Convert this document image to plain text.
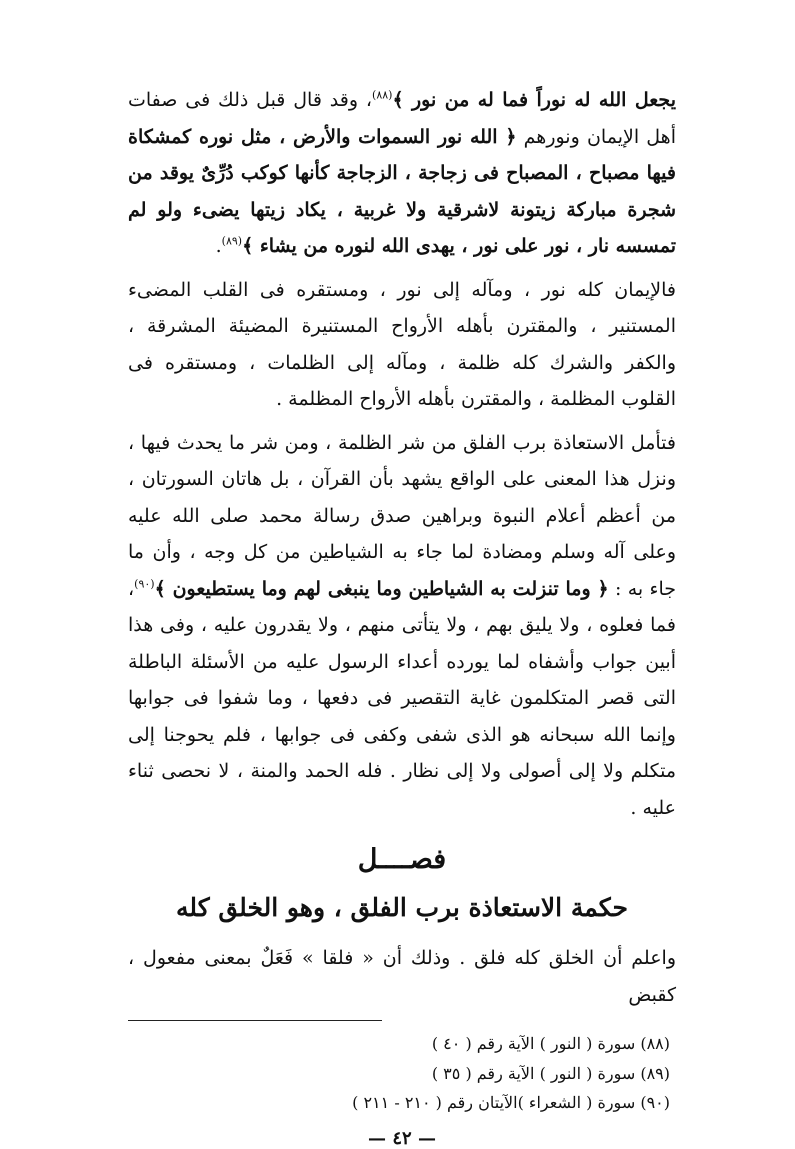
يجعل الله له نوراً فما له من نور ﴾$^{(٨٨)}$، وقد قال قبل ذلك فى صفات أهل الإيمان ونورهم ﴿ الله نور السموات والأرض ، مثل نوره كمشكاة فيها مصباح ، المصباح فى زجاجة ، الزجاجة كأنها كوكب دُرِّىٌ يوقد من شجرة مباركة زيتونة لاشرقية ولا غربية ، يكاد زيتها يضىء ولو لم تمسسه نار ، نور على نور ، يهدى الله لنوره من يشاء ﴾$^{(٨٩)}$.

فالإيمان كله نور ، ومآله إلى نور ، ومستقره فى القلب المضىء المستنير ، والمقترن بأهله الأرواح المستنيرة المضيئة المشرقة ، والكفر والشرك كله ظلمة ، ومآله إلى الظلمات ، ومستقره فى القلوب المظلمة ، والمقترن بأهله الأرواح المظلمة .

فتأمل الاستعاذة برب الفلق من شر الظلمة ، ومن شر ما يحدث فيها ، ونزل هذا المعنى على الواقع يشهد بأن القرآن ، بل هاتان السورتان ، من أعظم أعلام النبوة وبراهين صدق رسالة محمد صلى الله عليه وعلى آله وسلم ومضادة لما جاء به الشياطين من كل وجه ، وأن ما جاء به : ﴿ وما تنزلت به الشياطين وما ينبغى لهم وما يستطيعون ﴾$^{(٩٠)}$، فما فعلوه ، ولا يليق بهم ، ولا يتأتى منهم ، ولا يقدرون عليه ، وفى هذا أبين جواب وأشفاه لما يورده أعداء الرسول عليه من الأسئلة الباطلة التى قصر المتكلمون غاية التقصير فى دفعها ، وما شفوا فى جوابها وإنما الله سبحانه هو الذى شفى وكفى فى جوابها ، فلم يحوجنا إلى متكلم ولا إلى أصولى ولا إلى نظار . فله الحمد والمنة ، لا نحصى ثناء عليه .

فصــــل
حكمة الاستعاذة برب الفلق ، وهو الخلق كله

واعلم أن الخلق كله فلق . وذلك أن « فلقا » فَعَلٌ بمعنى مفعول ، كقبض

(٨٨) سورة ( النور ) الآية رقم ( ٤٠ )

(٨٩) سورة ( النور ) الآية رقم ( ٣٥ )

(٩٠) سورة ( الشعراء )الآيتان رقم ( ٢١٠ - ٢١١ )

— ٤٢ —
